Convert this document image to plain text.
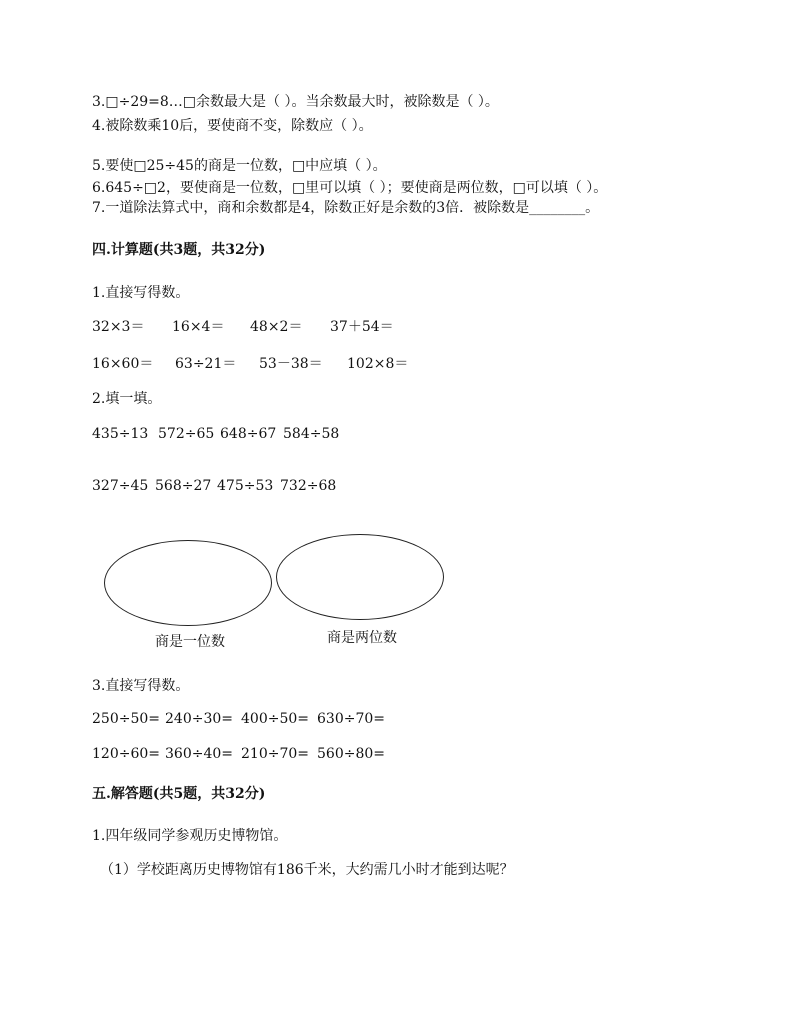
3.□÷29=8…□余数最大是（ ）。当余数最大时，被除数是（ ）。
4.被除数乘10后，要使商不变，除数应（ ）。
5.要使□25÷45的商是一位数，□中应填（ ）。
6.645÷□2，要使商是一位数，□里可以填（ ）；要使商是两位数，□可以填（ ）。
7.一道除法算式中，商和余数都是4，除数正好是余数的3倍．被除数是________。
四.计算题(共3题，共32分)
1.直接写得数。
32×3＝	16×4＝	48×2＝	37＋54＝
16×60＝	63÷21＝	53－38＝	102×8＝
2.填一填。
435÷13 572÷65 648÷67 584÷58
327÷45 568÷27 475÷53 732÷68
商是一位数	商是两位数
3.直接写得数。
250÷50= 240÷30= 400÷50= 630÷70=
120÷60= 360÷40= 210÷70= 560÷80=
五.解答题(共5题，共32分)
1.四年级同学参观历史博物馆。
（1）学校距离历史博物馆有186千米，大约需几小时才能到达呢？
